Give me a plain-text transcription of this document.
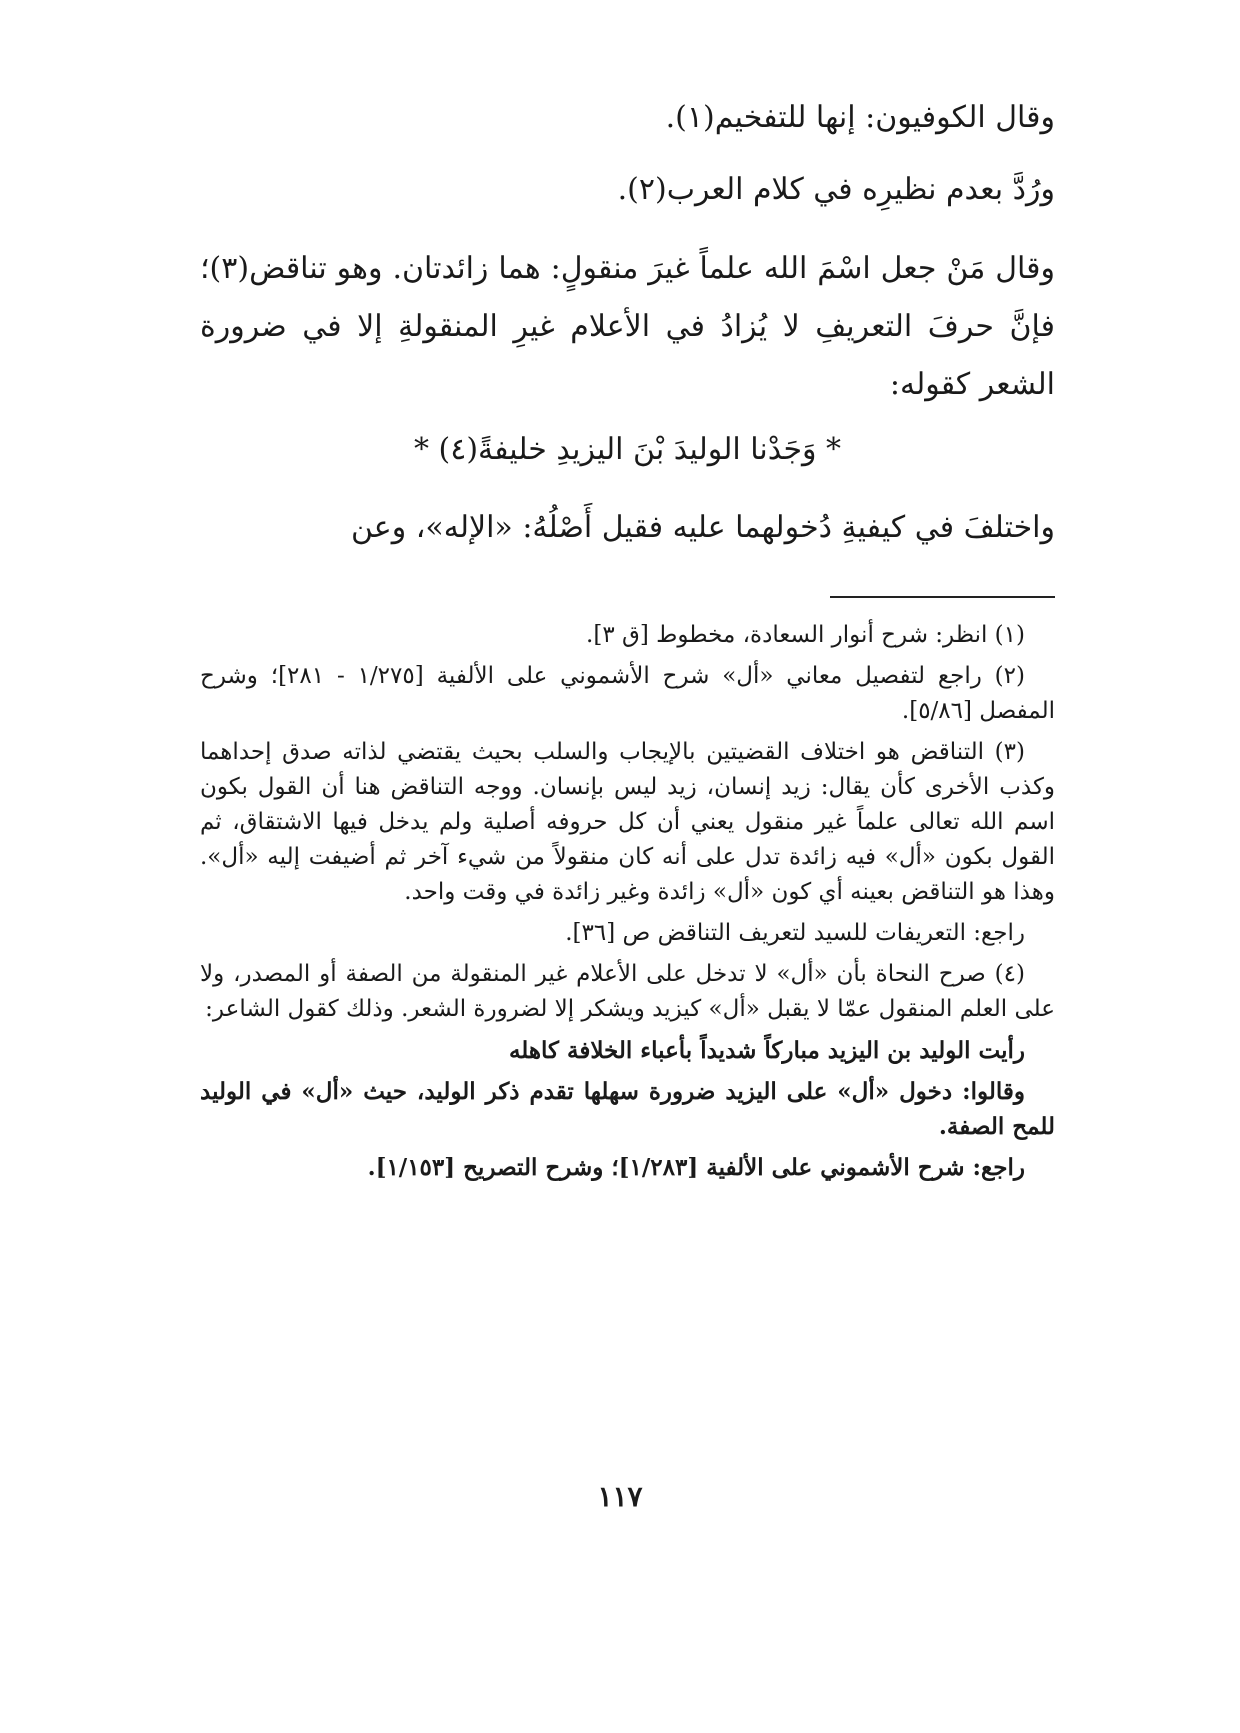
وقال الكوفيون: إنها للتفخيم(١).

ورُدَّ بعدم نظيرِه في كلام العرب(٢).

وقال مَنْ جعل اسْمَ الله علماً غيرَ منقولٍ: هما زائدتان. وهو تناقض(٣)؛ فإنَّ حرفَ التعريفِ لا يُزادُ في الأعلام غيرِ المنقولةِ إلا في ضرورة الشعر كقوله:

* وَجَدْنا الوليدَ بْنَ اليزيدِ خليفةً(٤) *

واختلفَ في كيفيةِ دُخولهما عليه فقيل أَصْلُهُ: «الإله»، وعن

(١) انظر: شرح أنوار السعادة، مخطوط [ق ٣].

(٢) راجع لتفصيل معاني «أل» شرح الأشموني على الألفية [١/٢٧٥ - ٢٨١]؛ وشرح المفصل [٥/٨٦].

(٣) التناقض هو اختلاف القضيتين بالإيجاب والسلب بحيث يقتضي لذاته صدق إحداهما وكذب الأخرى كأن يقال: زيد إنسان، زيد ليس بإنسان. ووجه التناقض هنا أن القول بكون اسم الله تعالى علماً غير منقول يعني أن كل حروفه أصلية ولم يدخل فيها الاشتقاق، ثم القول بكون «أل» فيه زائدة تدل على أنه كان منقولاً من شيء آخر ثم أضيفت إليه «أل». وهذا هو التناقض بعينه أي كون «أل» زائدة وغير زائدة في وقت واحد.

راجع: التعريفات للسيد لتعريف التناقض ص [٣٦].

(٤) صرح النحاة بأن «أل» لا تدخل على الأعلام غير المنقولة من الصفة أو المصدر، ولا على العلم المنقول عمّا لا يقبل «أل» كيزيد ويشكر إلا لضرورة الشعر. وذلك كقول الشاعر:

رأيت الوليد بن اليزيد مباركاً شديداً بأعباء الخلافة كاهله

وقالوا: دخول «أل» على اليزيد ضرورة سهلها تقدم ذكر الوليد، حيث «أل» في الوليد للمح الصفة.

راجع: شرح الأشموني على الألفية [١/٢٨٣]؛ وشرح التصريح [١/١٥٣].

١١٧
